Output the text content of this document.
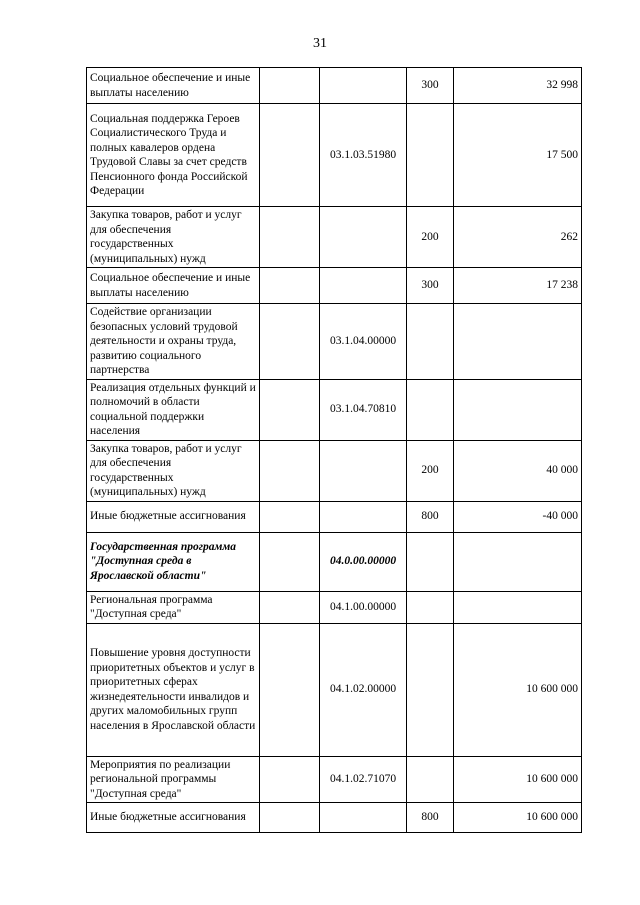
31
Социальное обеспечение и иные выплаты населению			300	32 998
Социальная поддержка Героев Социалистического Труда и полных кавалеров ордена Трудовой Славы за счет средств Пенсионного фонда Российской Федерации		03.1.03.51980		17 500
Закупка товаров, работ и услуг для обеспечения государственных (муниципальных) нужд			200	262
Социальное обеспечение и иные выплаты населению			300	17 238
Содействие организации безопасных условий трудовой деятельности и охраны труда, развитию социального партнерства		03.1.04.00000		
Реализация отдельных функций и полномочий в области социальной поддержки населения		03.1.04.70810		
Закупка товаров, работ и услуг для обеспечения государственных (муниципальных) нужд			200	40 000
Иные бюджетные ассигнования			800	-40 000
Государственная программа "Доступная среда в Ярославской области"		04.0.00.00000		
Региональная программа "Доступная среда"		04.1.00.00000		
Повышение уровня доступности приоритетных объектов и услуг в приоритетных сферах жизнедеятельности инвалидов и других маломобильных групп населения в Ярославской области		04.1.02.00000		10 600 000
Мероприятия по реализации региональной программы "Доступная среда"		04.1.02.71070		10 600 000
Иные бюджетные ассигнования			800	10 600 000
